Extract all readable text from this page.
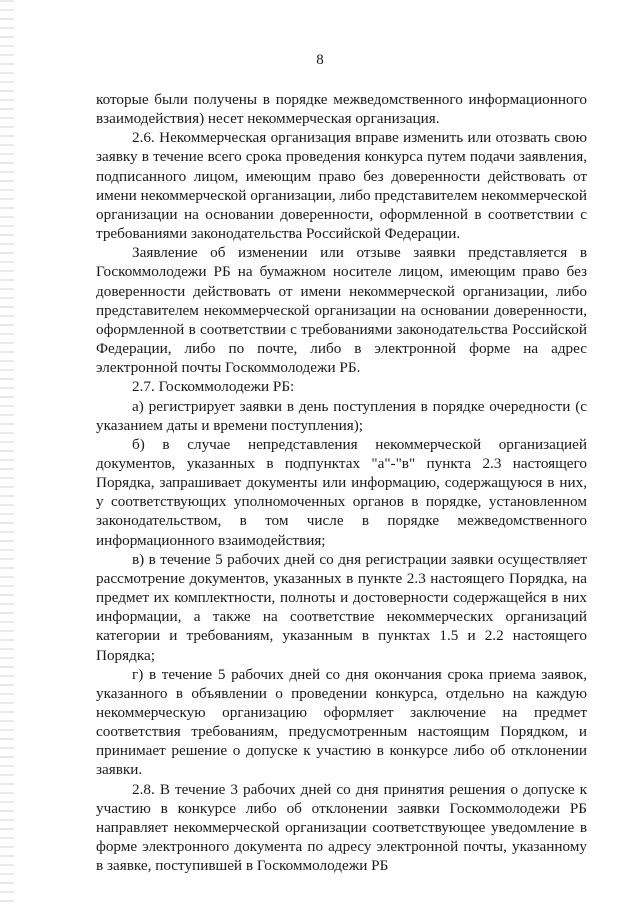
8

которые были получены в порядке межведомственного информационного взаимодействия) несет некоммерческая организация.

2.6. Некоммерческая организация вправе изменить или отозвать свою заявку в течение всего срока проведения конкурса путем подачи заявления, подписанного лицом, имеющим право без доверенности действовать от имени некоммерческой организации, либо представителем некоммерческой организации на основании доверенности, оформленной в соответствии с требованиями законодательства Российской Федерации.

Заявление об изменении или отзыве заявки представляется в Госкоммолодежи РБ на бумажном носителе лицом, имеющим право без доверенности действовать от имени некоммерческой организации, либо представителем некоммерческой организации на основании доверенности, оформленной в соответствии с требованиями законодательства Российской Федерации, либо по почте, либо в электронной форме на адрес электронной почты Госкоммолодежи РБ.

2.7. Госкоммолодежи РБ:

а) регистрирует заявки в день поступления в порядке очередности (с указанием даты и времени поступления);

б) в случае непредставления некоммерческой организацией документов, указанных в подпунктах "а"-"в" пункта 2.3 настоящего Порядка, запрашивает документы или информацию, содержащуюся в них, у соответствующих уполномоченных органов в порядке, установленном законодательством, в том числе в порядке межведомственного информационного взаимодействия;

в) в течение 5 рабочих дней со дня регистрации заявки осуществляет рассмотрение документов, указанных в пункте 2.3 настоящего Порядка, на предмет их комплектности, полноты и достоверности содержащейся в них информации, а также на соответствие некоммерческих организаций категории и требованиям, указанным в пунктах 1.5 и 2.2 настоящего Порядка;

г) в течение 5 рабочих дней со дня окончания срока приема заявок, указанного в объявлении о проведении конкурса, отдельно на каждую некоммерческую организацию оформляет заключение на предмет соответствия требованиям, предусмотренным настоящим Порядком, и принимает решение о допуске к участию в конкурсе либо об отклонении заявки.

2.8. В течение 3 рабочих дней со дня принятия решения о допуске к участию в конкурсе либо об отклонении заявки Госкоммолодежи РБ направляет некоммерческой организации соответствующее уведомление в форме электронного документа по адресу электронной почты, указанному в заявке, поступившей в Госкоммолодежи РБ
